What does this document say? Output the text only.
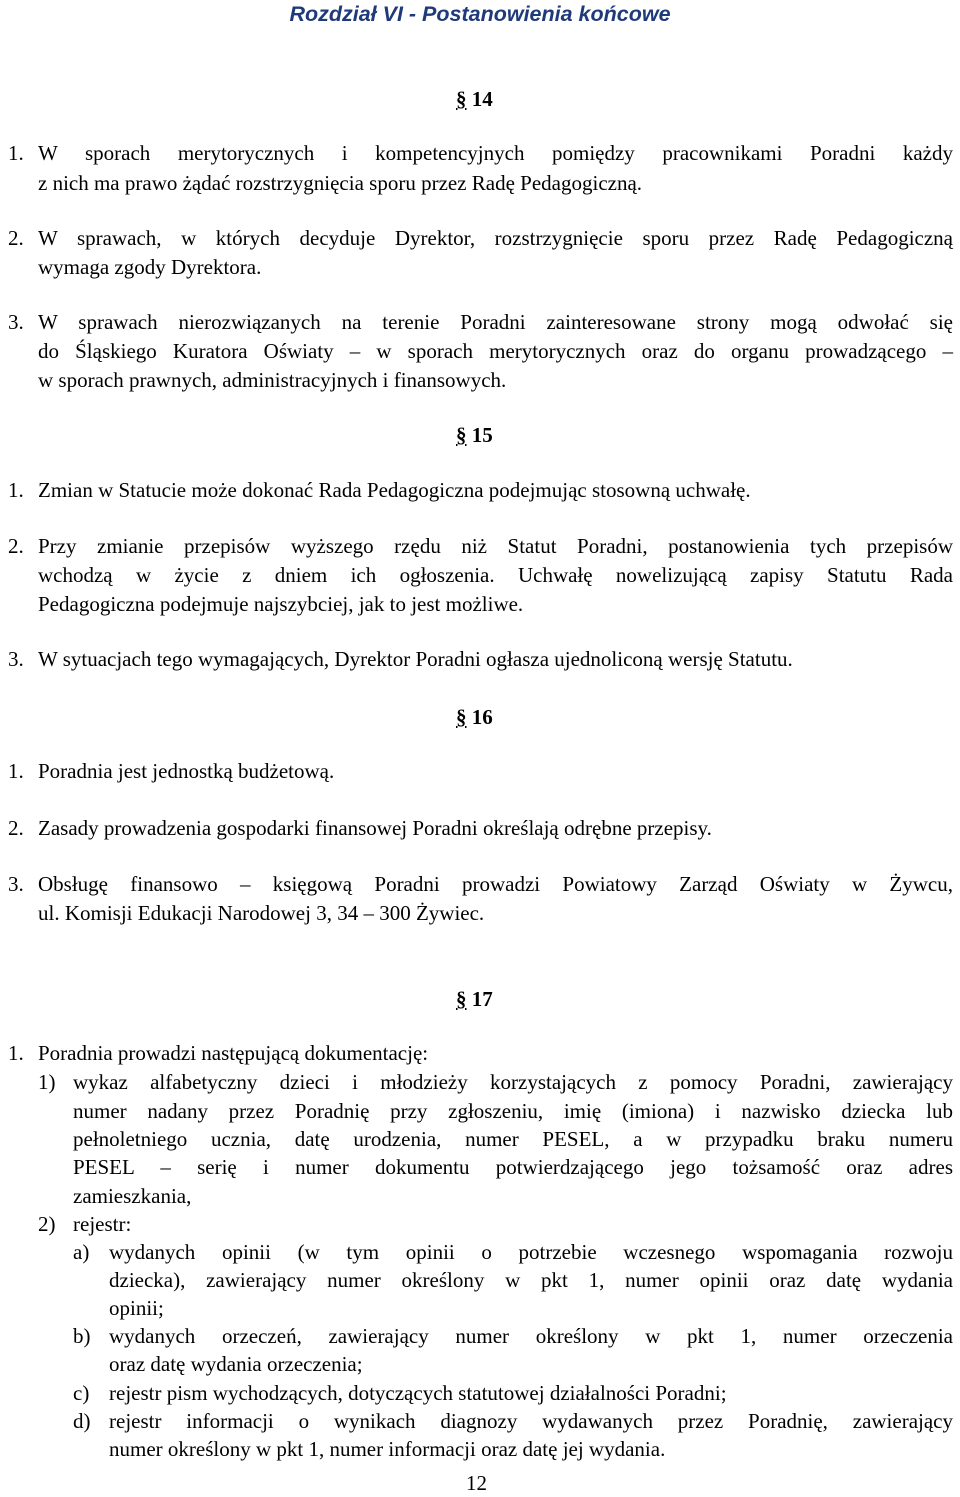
Rozdział VI - Postanowienia końcowe
§ 14
1. W sporach merytorycznych i kompetencyjnych pomiędzy pracownikami Poradni każdy
z nich ma prawo żądać rozstrzygnięcia sporu przez Radę Pedagogiczną.
2. W sprawach, w których decyduje Dyrektor, rozstrzygnięcie sporu przez Radę Pedagogiczną
wymaga zgody Dyrektora.
3. W sprawach nierozwiązanych na terenie Poradni zainteresowane strony mogą odwołać się
do Śląskiego Kuratora Oświaty – w sporach merytorycznych oraz do organu prowadzącego –
w sporach prawnych, administracyjnych i finansowych.
§ 15
1. Zmian w Statucie może dokonać Rada Pedagogiczna podejmując stosowną uchwałę.
2. Przy zmianie przepisów wyższego rzędu niż Statut Poradni, postanowienia tych przepisów
wchodzą w życie z dniem ich ogłoszenia. Uchwałę nowelizującą zapisy Statutu Rada
Pedagogiczna podejmuje najszybciej, jak to jest możliwe.
3. W sytuacjach tego wymagających, Dyrektor Poradni ogłasza ujednoliconą wersję Statutu.
§ 16
1. Poradnia jest jednostką budżetową.
2. Zasady prowadzenia gospodarki finansowej Poradni określają odrębne przepisy.
3. Obsługę finansowo – księgową Poradni prowadzi Powiatowy Zarząd Oświaty w Żywcu,
ul. Komisji Edukacji Narodowej 3, 34 – 300 Żywiec.
§ 17
1. Poradnia prowadzi następującą dokumentację:
1) wykaz alfabetyczny dzieci i młodzieży korzystających z pomocy Poradni, zawierający
numer nadany przez Poradnię przy zgłoszeniu, imię (imiona) i nazwisko dziecka lub
pełnoletniego ucznia, datę urodzenia, numer PESEL, a w przypadku braku numeru
PESEL – serię i numer dokumentu potwierdzającego jego tożsamość oraz adres
zamieszkania,
2) rejestr:
a) wydanych opinii (w tym opinii o potrzebie wczesnego wspomagania rozwoju
dziecka), zawierający numer określony w pkt 1, numer opinii oraz datę wydania
opinii;
b) wydanych orzeczeń, zawierający numer określony w pkt 1, numer orzeczenia
oraz datę wydania orzeczenia;
c) rejestr pism wychodzących, dotyczących statutowej działalności Poradni;
d) rejestr informacji o wynikach diagnozy wydawanych przez Poradnię, zawierający
numer określony w pkt 1, numer informacji oraz datę jej wydania.
12
